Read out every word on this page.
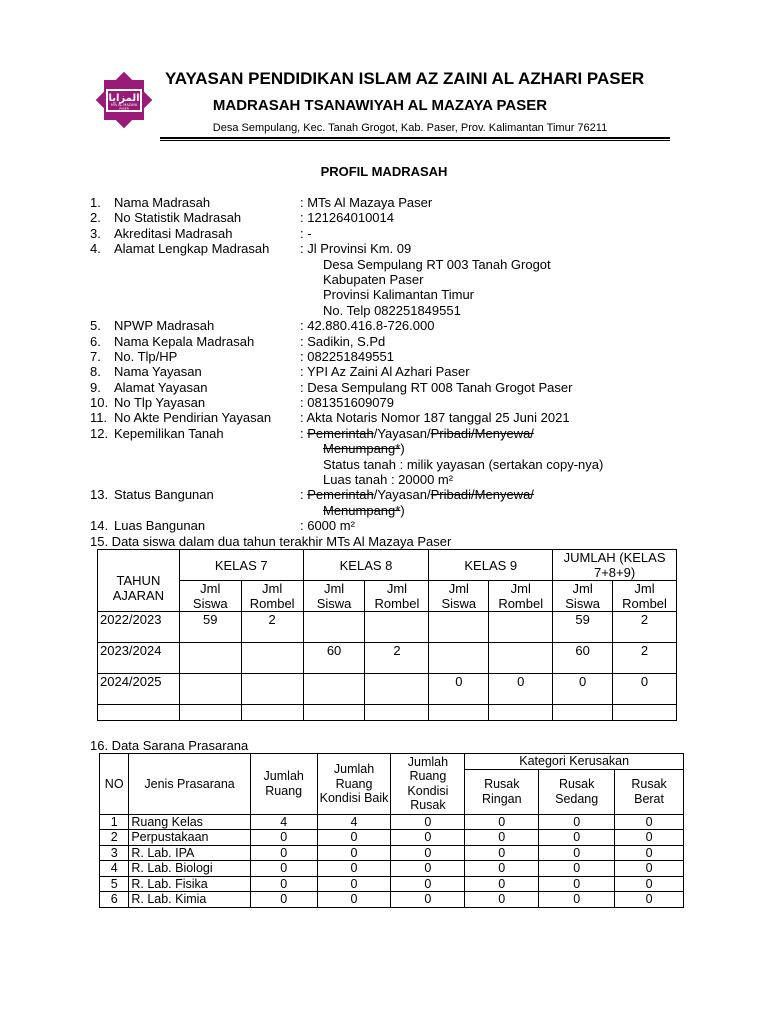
المزايا
MTs AL MAZAYA
PASER
YAYASAN PENDIDIKAN ISLAM AZ ZAINI AL AZHARI PASER
MADRASAH TSANAWIYAH AL MAZAYA PASER
Desa Sempulang, Kec. Tanah Grogot, Kab. Paser, Prov. Kalimantan Timur 76211
PROFIL MADRASAH
1. Nama Madrasah	: MTs Al Mazaya Paser
2. No Statistik Madrasah	: 121264010014
3. Akreditasi Madrasah	: -
4. Alamat Lengkap Madrasah : Jl Provinsi Km. 09
Desa Sempulang RT 003 Tanah Grogot
Kabupaten Paser
Provinsi Kalimantan Timur
No. Telp 082251849551
5. NPWP Madrasah	: 42.880.416.8-726.000
6. Nama Kepala Madrasah	: Sadikin, S.Pd
7. No. Tlp/HP	: 082251849551
8. Nama Yayasan	: YPI Az Zaini Al Azhari Paser
9. Alamat Yayasan	: Desa Sempulang RT 008 Tanah Grogot Paser
10. No Tlp Yayasan	: 081351609079
11. No Akte Pendirian Yayasan : Akta Notaris Nomor 187 tanggal 25 Juni 2021
12. Kepemilikan Tanah	: Pemerintah/Yayasan/Pribadi/Menyewa/
Menumpang*)
Status tanah : milik yayasan (sertakan copy-nya)
Luas tanah : 20000 m²
13. Status Bangunan	: Pemerintah/Yayasan/Pribadi/Menyewa/
Menumpang*)
14. Luas Bangunan	: 6000 m²
15. Data siswa dalam dua tahun terakhir MTs Al Mazaya Paser
TAHUN AJARAN	KELAS 7		KELAS 8		KELAS 9		JUMLAH (KELAS 7+8+9)	
	Jml Siswa	Jml Rombel	Jml Siswa	Jml Rombel	Jml Siswa	Jml Rombel	Jml Siswa	Jml Rombel
2022/2023	59	2					59	2
2023/2024			60	2			60	2
2024/2025					0	0	0	0

16. Data Sarana Prasarana
NO	Jenis Prasarana	Jumlah Ruang	Jumlah Ruang Kondisi Baik	Jumlah Ruang Kondisi Rusak	Kategori Kerusakan		
					Rusak Ringan	Rusak Sedang	Rusak Berat
1	Ruang Kelas	4	4	0	0	0	0
2	Perpustakaan	0	0	0	0	0	0
3	R. Lab. IPA	0	0	0	0	0	0
4	R. Lab. Biologi	0	0	0	0	0	0
5	R. Lab. Fisika	0	0	0	0	0	0
6	R. Lab. Kimia	0	0	0	0	0	0
